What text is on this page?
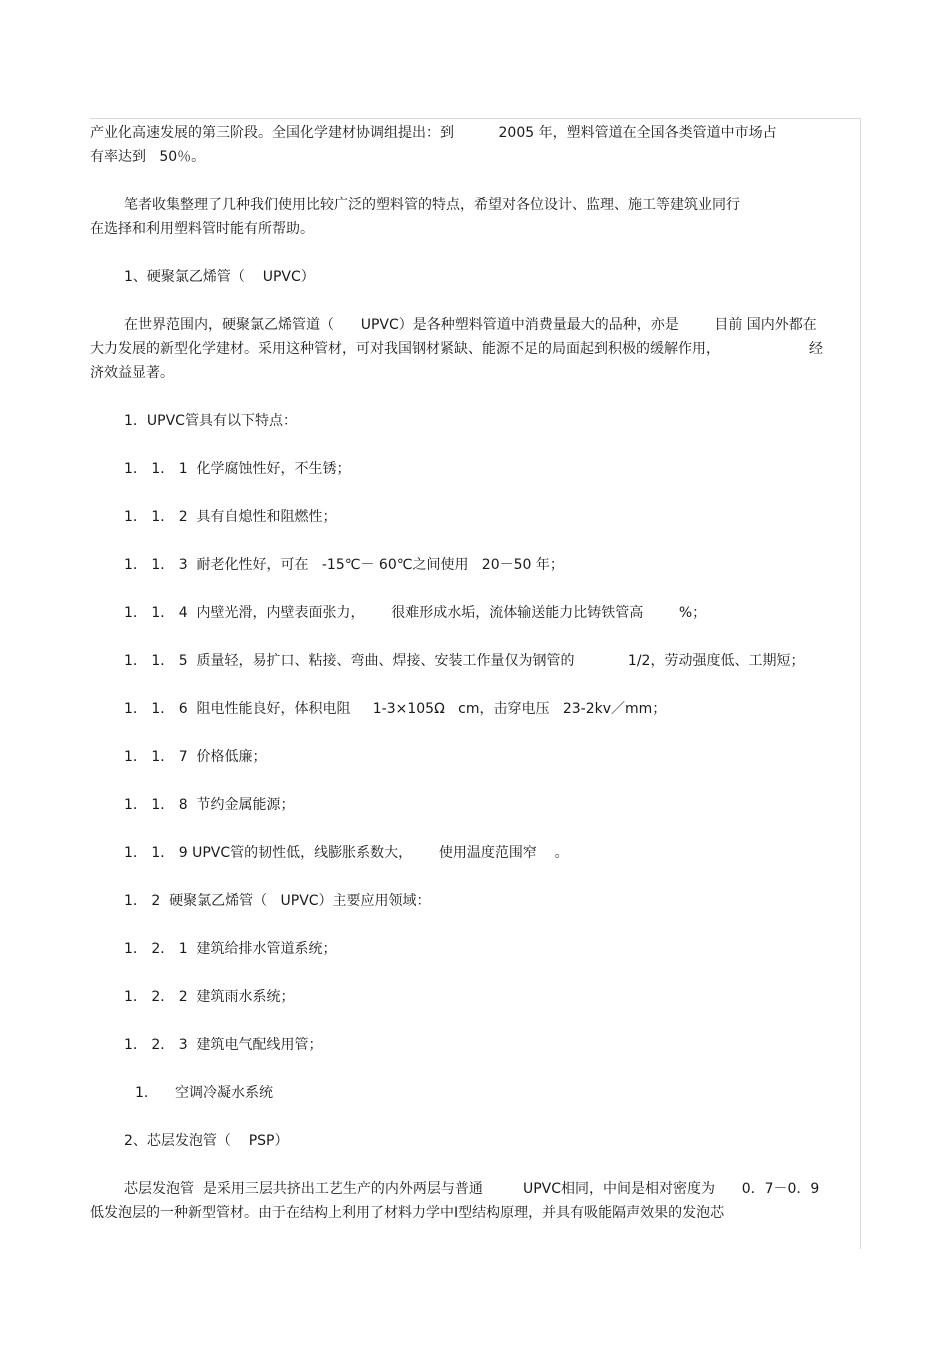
产业化高速发展的第三阶段。全国化学建材协调组提出：到          2005 年，塑料管道在全国各类管道中市场占

有率达到   50％。

笔者收集整理了几种我们使用比较广泛的塑料管的特点，希望对各位设计、监理、施工等建筑业同行

在选择和利用塑料管时能有所帮助。

1、硬聚氯乙烯管（    UPVC）

在世界范围内，硬聚氯乙烯管道（      UPVC）是各种塑料管道中消费量最大的品种，亦是        目前 国内外都在

大力发展的新型化学建材。采用这种管材，可对我国钢材紧缺、能源不足的局面起到积极的缓解作用，                    经

济效益显著。

1．UPVC管具有以下特点：

1． 1． 1  化学腐蚀性好，不生锈；

1． 1． 2  具有自熄性和阻燃性；

1． 1． 3  耐老化性好，可在   -15℃－ 60℃之间使用   20－50 年；

1． 1． 4  内壁光滑，内壁表面张力，      很难形成水垢，流体输送能力比铸铁管高        %；

1． 1． 5  质量轻，易扩口、粘接、弯曲、焊接、安装工作量仅为钢管的            1/2，劳动强度低、工期短；

1． 1． 6  阻电性能良好，体积电阻     1-3×105Ω   cm，击穿电压   23-2kv／mm；

1． 1． 7  价格低廉；

1． 1． 8  节约金属能源；

1． 1． 9 UPVC管的韧性低，线膨胀系数大，      使用温度范围窄    。

1． 2  硬聚氯乙烯管（   UPVC）主要应用领域：

1． 2． 1  建筑给排水管道系统；

1． 2． 2  建筑雨水系统；

1． 2． 3  建筑电气配线用管；

1.      空调冷凝水系统

2、芯层发泡管（    PSP）

芯层发泡管  是采用三层共挤出工艺生产的内外两层与普通         UPVC相同，中间是相对密度为      0．7－0．9

低发泡层的一种新型管材。由于在结构上利用了材料力学中Ⅰ型结构原理，并具有吸能隔声效果的发泡芯
